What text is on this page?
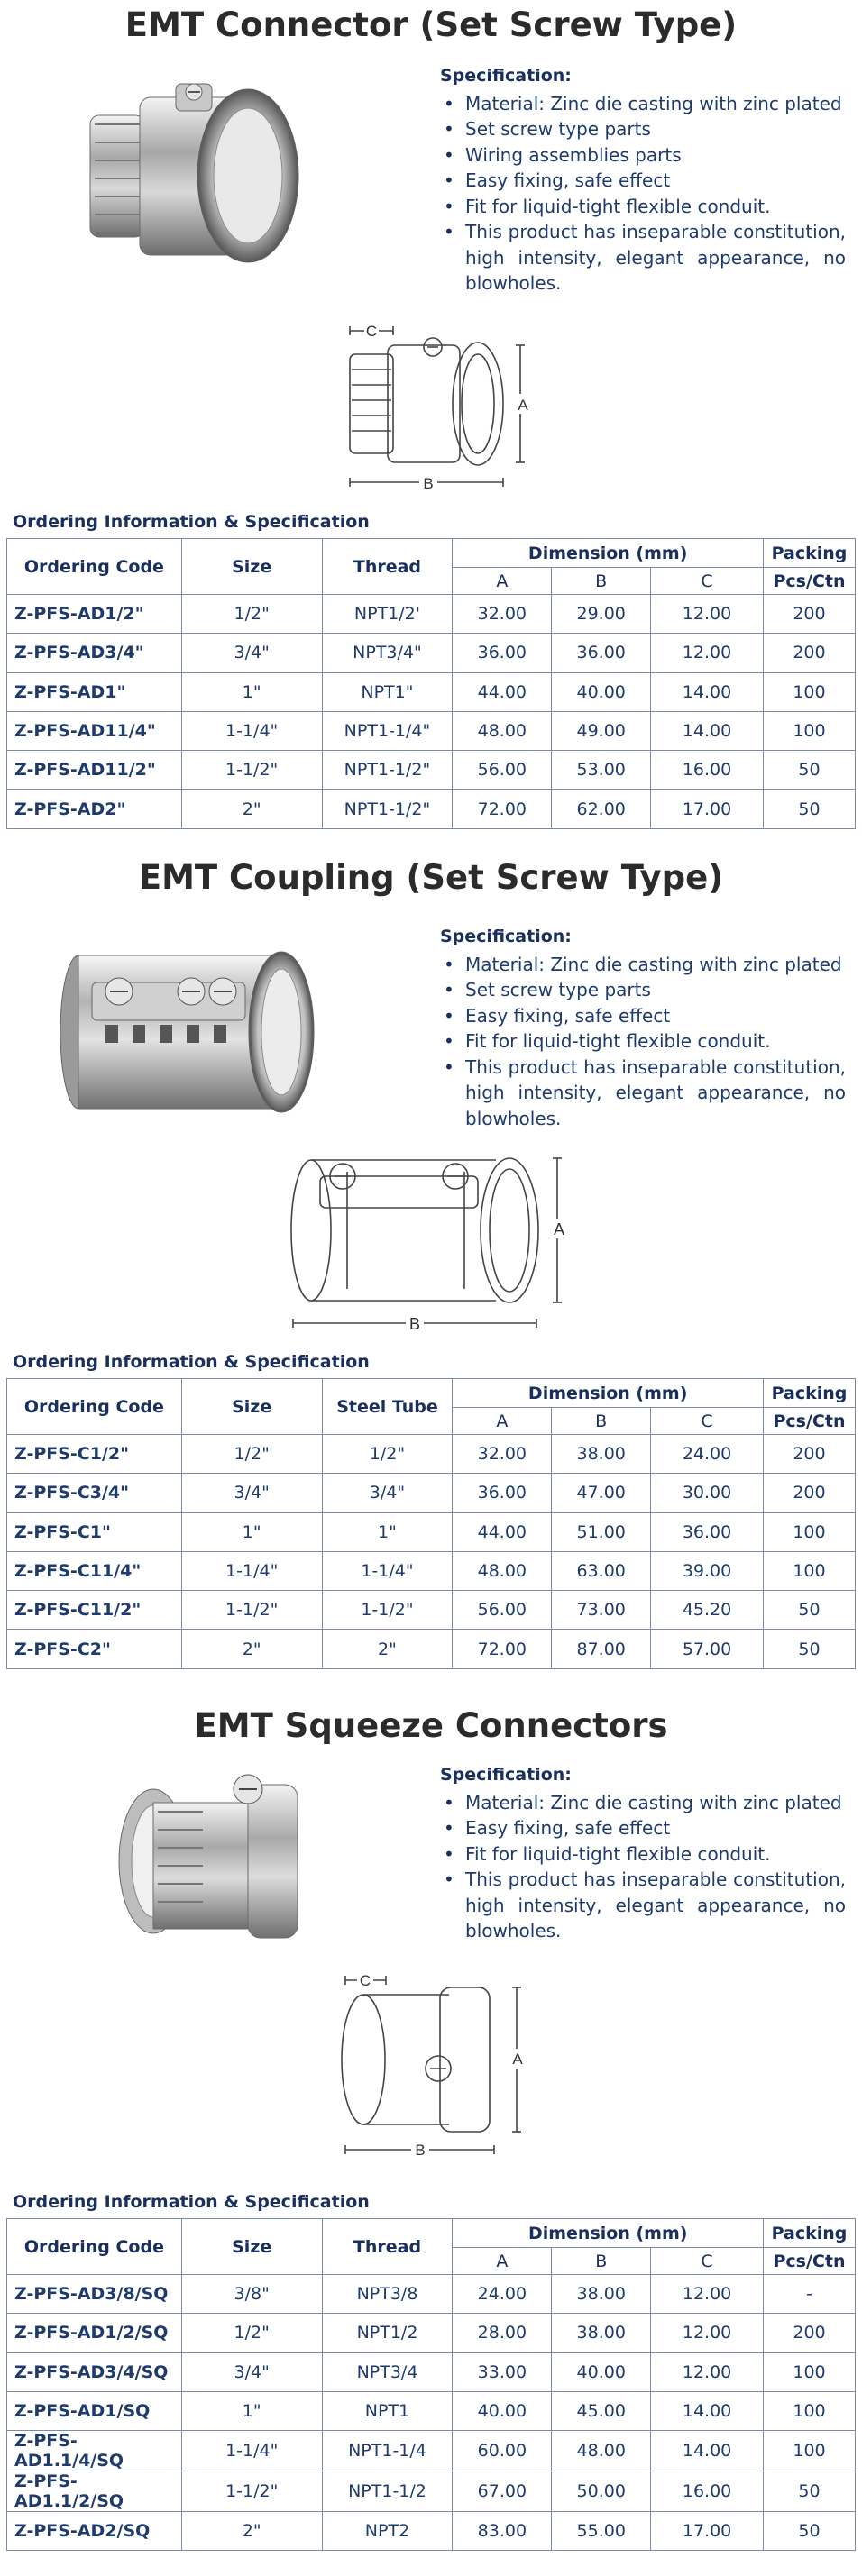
EMT Connector (Set Screw Type)
Specification:
• Material: Zinc die casting with zinc plated
• Set screw type parts
• Wiring assemblies parts
• Easy fixing, safe effect
• Fit for liquid-tight flexible conduit.
• This product has inseparable constitution, high intensity, elegant appearance, no blowholes.
C
A
B
Ordering Information & Specification
Ordering Code	Size	Thread	Dimension (mm)			Packing
			A	B	C	Pcs/Ctn
Z-PFS-AD1/2"	1/2"	NPT1/2'	32.00	29.00	12.00	200
Z-PFS-AD3/4"	3/4"	NPT3/4"	36.00	36.00	12.00	200
Z-PFS-AD1"	1"	NPT1"	44.00	40.00	14.00	100
Z-PFS-AD11/4"	1-1/4"	NPT1-1/4"	48.00	49.00	14.00	100
Z-PFS-AD11/2"	1-1/2"	NPT1-1/2"	56.00	53.00	16.00	50
Z-PFS-AD2"	2"	NPT1-1/2"	72.00	62.00	17.00	50
EMT Coupling (Set Screw Type)
Specification:
• Material: Zinc die casting with zinc plated
• Set screw type parts
• Easy fixing, safe effect
• Fit for liquid-tight flexible conduit.
• This product has inseparable constitution, high intensity, elegant appearance, no blowholes.
A
B
Ordering Information & Specification
Ordering Code	Size	Steel Tube	Dimension (mm)			Packing
			A	B	C	Pcs/Ctn
Z-PFS-C1/2"	1/2"	1/2"	32.00	38.00	24.00	200
Z-PFS-C3/4"	3/4"	3/4"	36.00	47.00	30.00	200
Z-PFS-C1"	1"	1"	44.00	51.00	36.00	100
Z-PFS-C11/4"	1-1/4"	1-1/4"	48.00	63.00	39.00	100
Z-PFS-C11/2"	1-1/2"	1-1/2"	56.00	73.00	45.20	50
Z-PFS-C2"	2"	2"	72.00	87.00	57.00	50
EMT Squeeze Connectors
Specification:
• Material: Zinc die casting with zinc plated
• Easy fixing, safe effect
• Fit for liquid-tight flexible conduit.
• This product has inseparable constitution, high intensity, elegant appearance, no blowholes.
C
A
B
Ordering Information & Specification
Ordering Code	Size	Thread	Dimension (mm)			Packing
			A	B	C	Pcs/Ctn
Z-PFS-AD3/8/SQ	3/8"	NPT3/8	24.00	38.00	12.00	-
Z-PFS-AD1/2/SQ	1/2"	NPT1/2	28.00	38.00	12.00	200
Z-PFS-AD3/4/SQ	3/4"	NPT3/4	33.00	40.00	12.00	100
Z-PFS-AD1/SQ	1"	NPT1	40.00	45.00	14.00	100
Z-PFS-AD1.1/4/SQ	1-1/4"	NPT1-1/4	60.00	48.00	14.00	100
Z-PFS-AD1.1/2/SQ	1-1/2"	NPT1-1/2	67.00	50.00	16.00	50
Z-PFS-AD2/SQ	2"	NPT2	83.00	55.00	17.00	50
